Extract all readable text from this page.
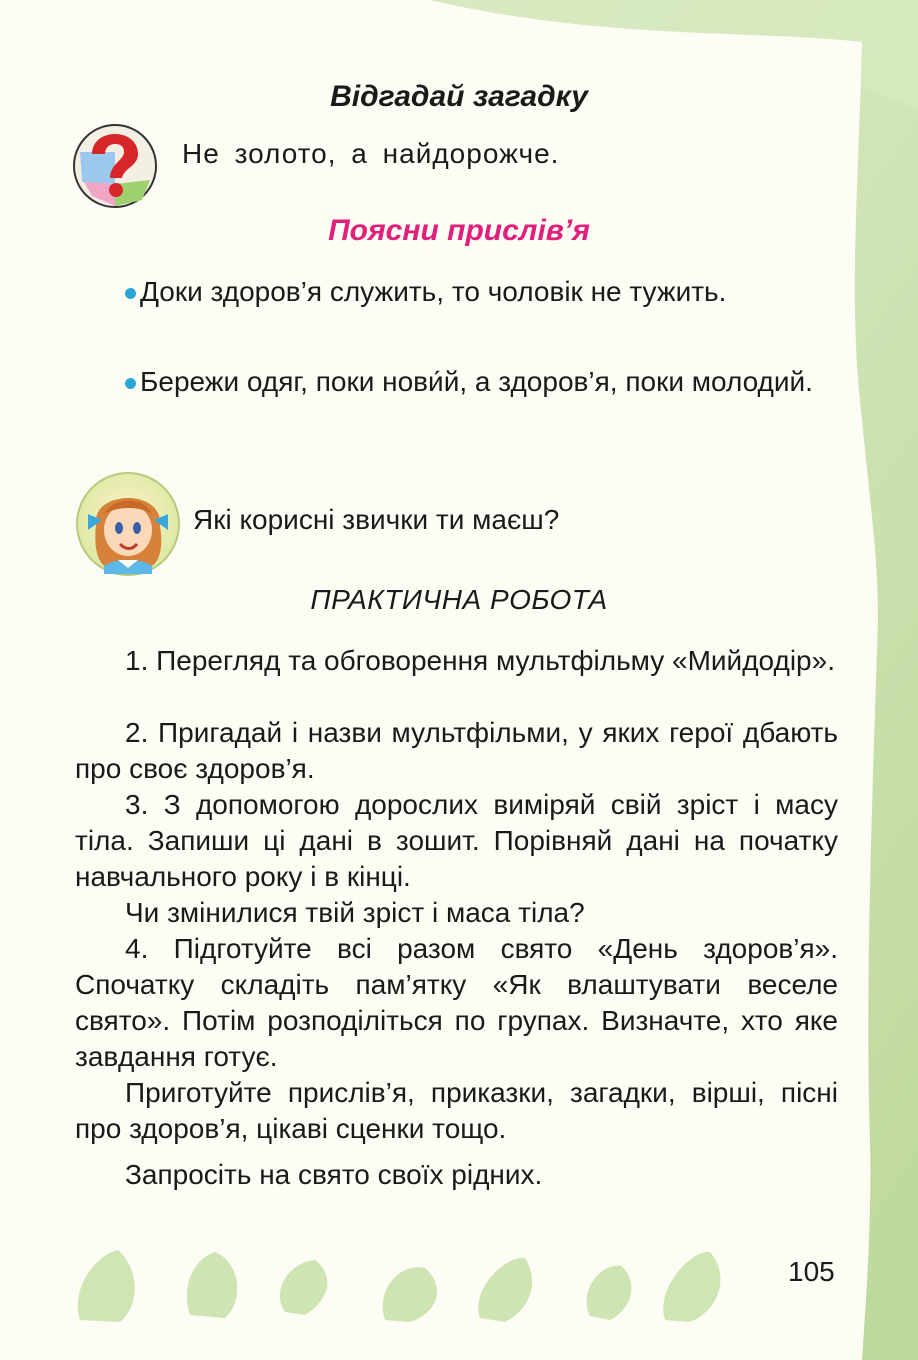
Відгадай загадку
Не золото, а найдорожче.
Поясни прислів’я

Доки здоров’я служить, то чоловік не тужить.

Бережи одяг, поки нови́й, а здоров’я, поки молодий.

Які корисні звички ти маєш?
ПРАКТИЧНА РОБОТА

1. Перегляд та обговорення мультфільму «Мийдодір».

2. Пригадай і назви мультфільми, у яких герої дбають про своє здоров’я.

3. З допомогою дорослих виміряй свій зріст і масу тіла. Запиши ці дані в зошит. Порівняй дані на початку навчального року і в кінці.

Чи змінилися твій зріст і маса тіла?

4. Підготуйте всі разом свято «День здоров’я». Спочатку складіть пам’ятку «Як влаштувати веселе свято». Потім розподіліться по групах. Визначте, хто яке завдання готує.

Приготуйте прислів’я, приказки, загадки, вірші, пісні про здоров’я, цікаві сценки тощо.

Запросіть на свято своїх рідних.

105
